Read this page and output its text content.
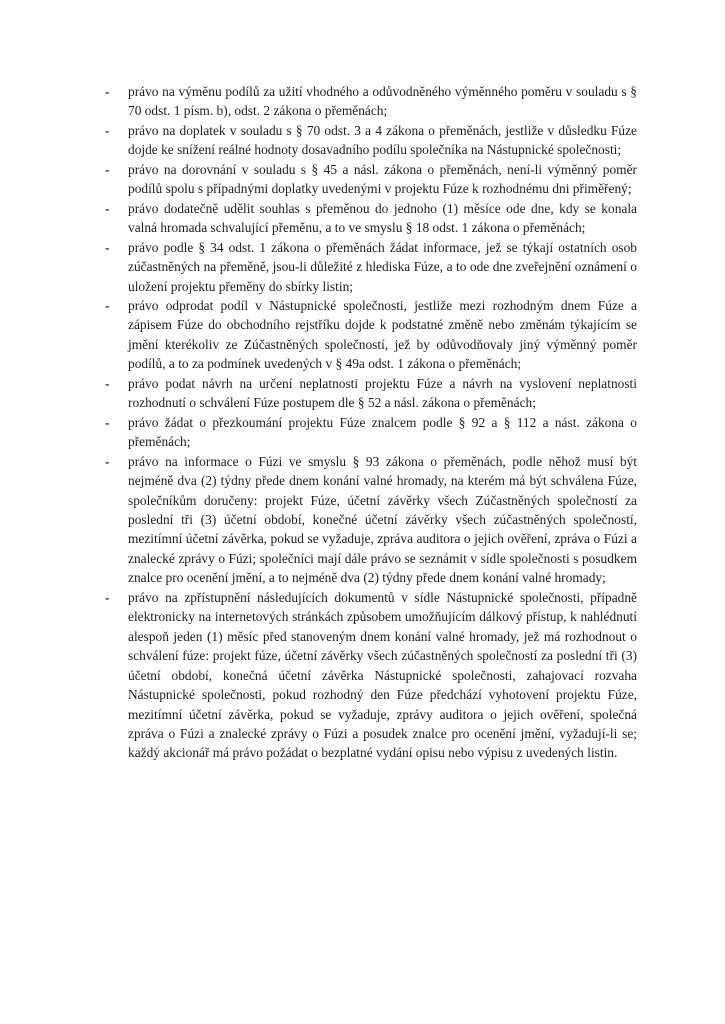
-	právo na výměnu podílů za užití vhodného a odůvodněného výměnného poměru v souladu s § 70 odst. 1 písm. b), odst. 2 zákona o přeměnách;
-	právo na doplatek v souladu s § 70 odst. 3 a 4 zákona o přeměnách, jestliže v důsledku Fúze dojde ke snížení reálné hodnoty dosavadního podílu společníka na Nástupnické společnosti;
-	právo na dorovnání v souladu s § 45 a násl. zákona o přeměnách, není-li výměnný poměr podílů spolu s případnými doplatky uvedenými v projektu Fúze k rozhodnému dni přiměřený;
-	právo dodatečně udělit souhlas s přeměnou do jednoho (1) měsíce ode dne, kdy se konala valná hromada schvalující přeměnu, a to ve smyslu § 18 odst. 1 zákona o přeměnách;
-	právo podle § 34 odst. 1 zákona o přeměnách žádat informace, jež se týkají ostatních osob zúčastněných na přeměně, jsou-li důležité z hlediska Fúze, a to ode dne zveřejnění oznámení o uložení projektu přeměny do sbírky listin;
-	právo odprodat podíl v Nástupnické společnosti, jestliže mezi rozhodným dnem Fúze a zápisem Fúze do obchodního rejstříku dojde k podstatné změně nebo změnám týkajícím se jmění kterékoliv ze Zúčastněných společností, jež by odůvodňovaly jiný výměnný poměr podílů, a to za podmínek uvedených v § 49a odst. 1 zákona o přeměnách;
-	právo podat návrh na určení neplatnosti projektu Fúze a návrh na vyslovení neplatnosti rozhodnutí o schválení Fúze postupem dle § 52 a násl. zákona o přeměnách;
-	právo žádat o přezkoumání projektu Fúze znalcem podle § 92 a § 112 a nást. zákona o přeměnách;
-	právo na informace o Fúzi ve smyslu § 93 zákona o přeměnách, podle něhož musí být nejméně dva (2) týdny přede dnem konání valné hromady, na kterém má být schválena Fúze, společníkům doručeny: projekt Fúze, účetní závěrky všech Zúčastněných společností za poslední tři (3) účetní období, konečné účetní závěrky všech zúčastněných společností, mezitímní účetní závěrka, pokud se vyžaduje, zpráva auditora o jejich ověření, zpráva o Fúzi a znalecké zprávy o Fúzi; společníci mají dále právo se seznámit v sídle společnosti s posudkem znalce pro ocenění jmění, a to nejméně dva (2) týdny přede dnem konání valné hromady;
-	právo na zpřístupnění následujících dokumentů v sídle Nástupnické společnosti, případně elektronicky na internetových stránkách způsobem umožňujícím dálkový přístup, k nahlédnutí alespoň jeden (1) měsíc před stanoveným dnem konání valné hromady, jež má rozhodnout o schválení fúze: projekt fúze, účetní závěrky všech zúčastněných společností za poslední tři (3) účetní období, konečná účetní závěrka Nástupnické společnosti, zahajovací rozvaha Nástupnické společnosti, pokud rozhodný den Fúze předchází vyhotovení projektu Fúze, mezitímní účetní závěrka, pokud se vyžaduje, zprávy auditora o jejich ověření, společná zpráva o Fúzi a znalecké zprávy o Fúzi a posudek znalce pro ocenění jmění, vyžadují-li se; každý akcionář má právo požádat o bezplatné vydání opisu nebo výpisu z uvedených listin.
